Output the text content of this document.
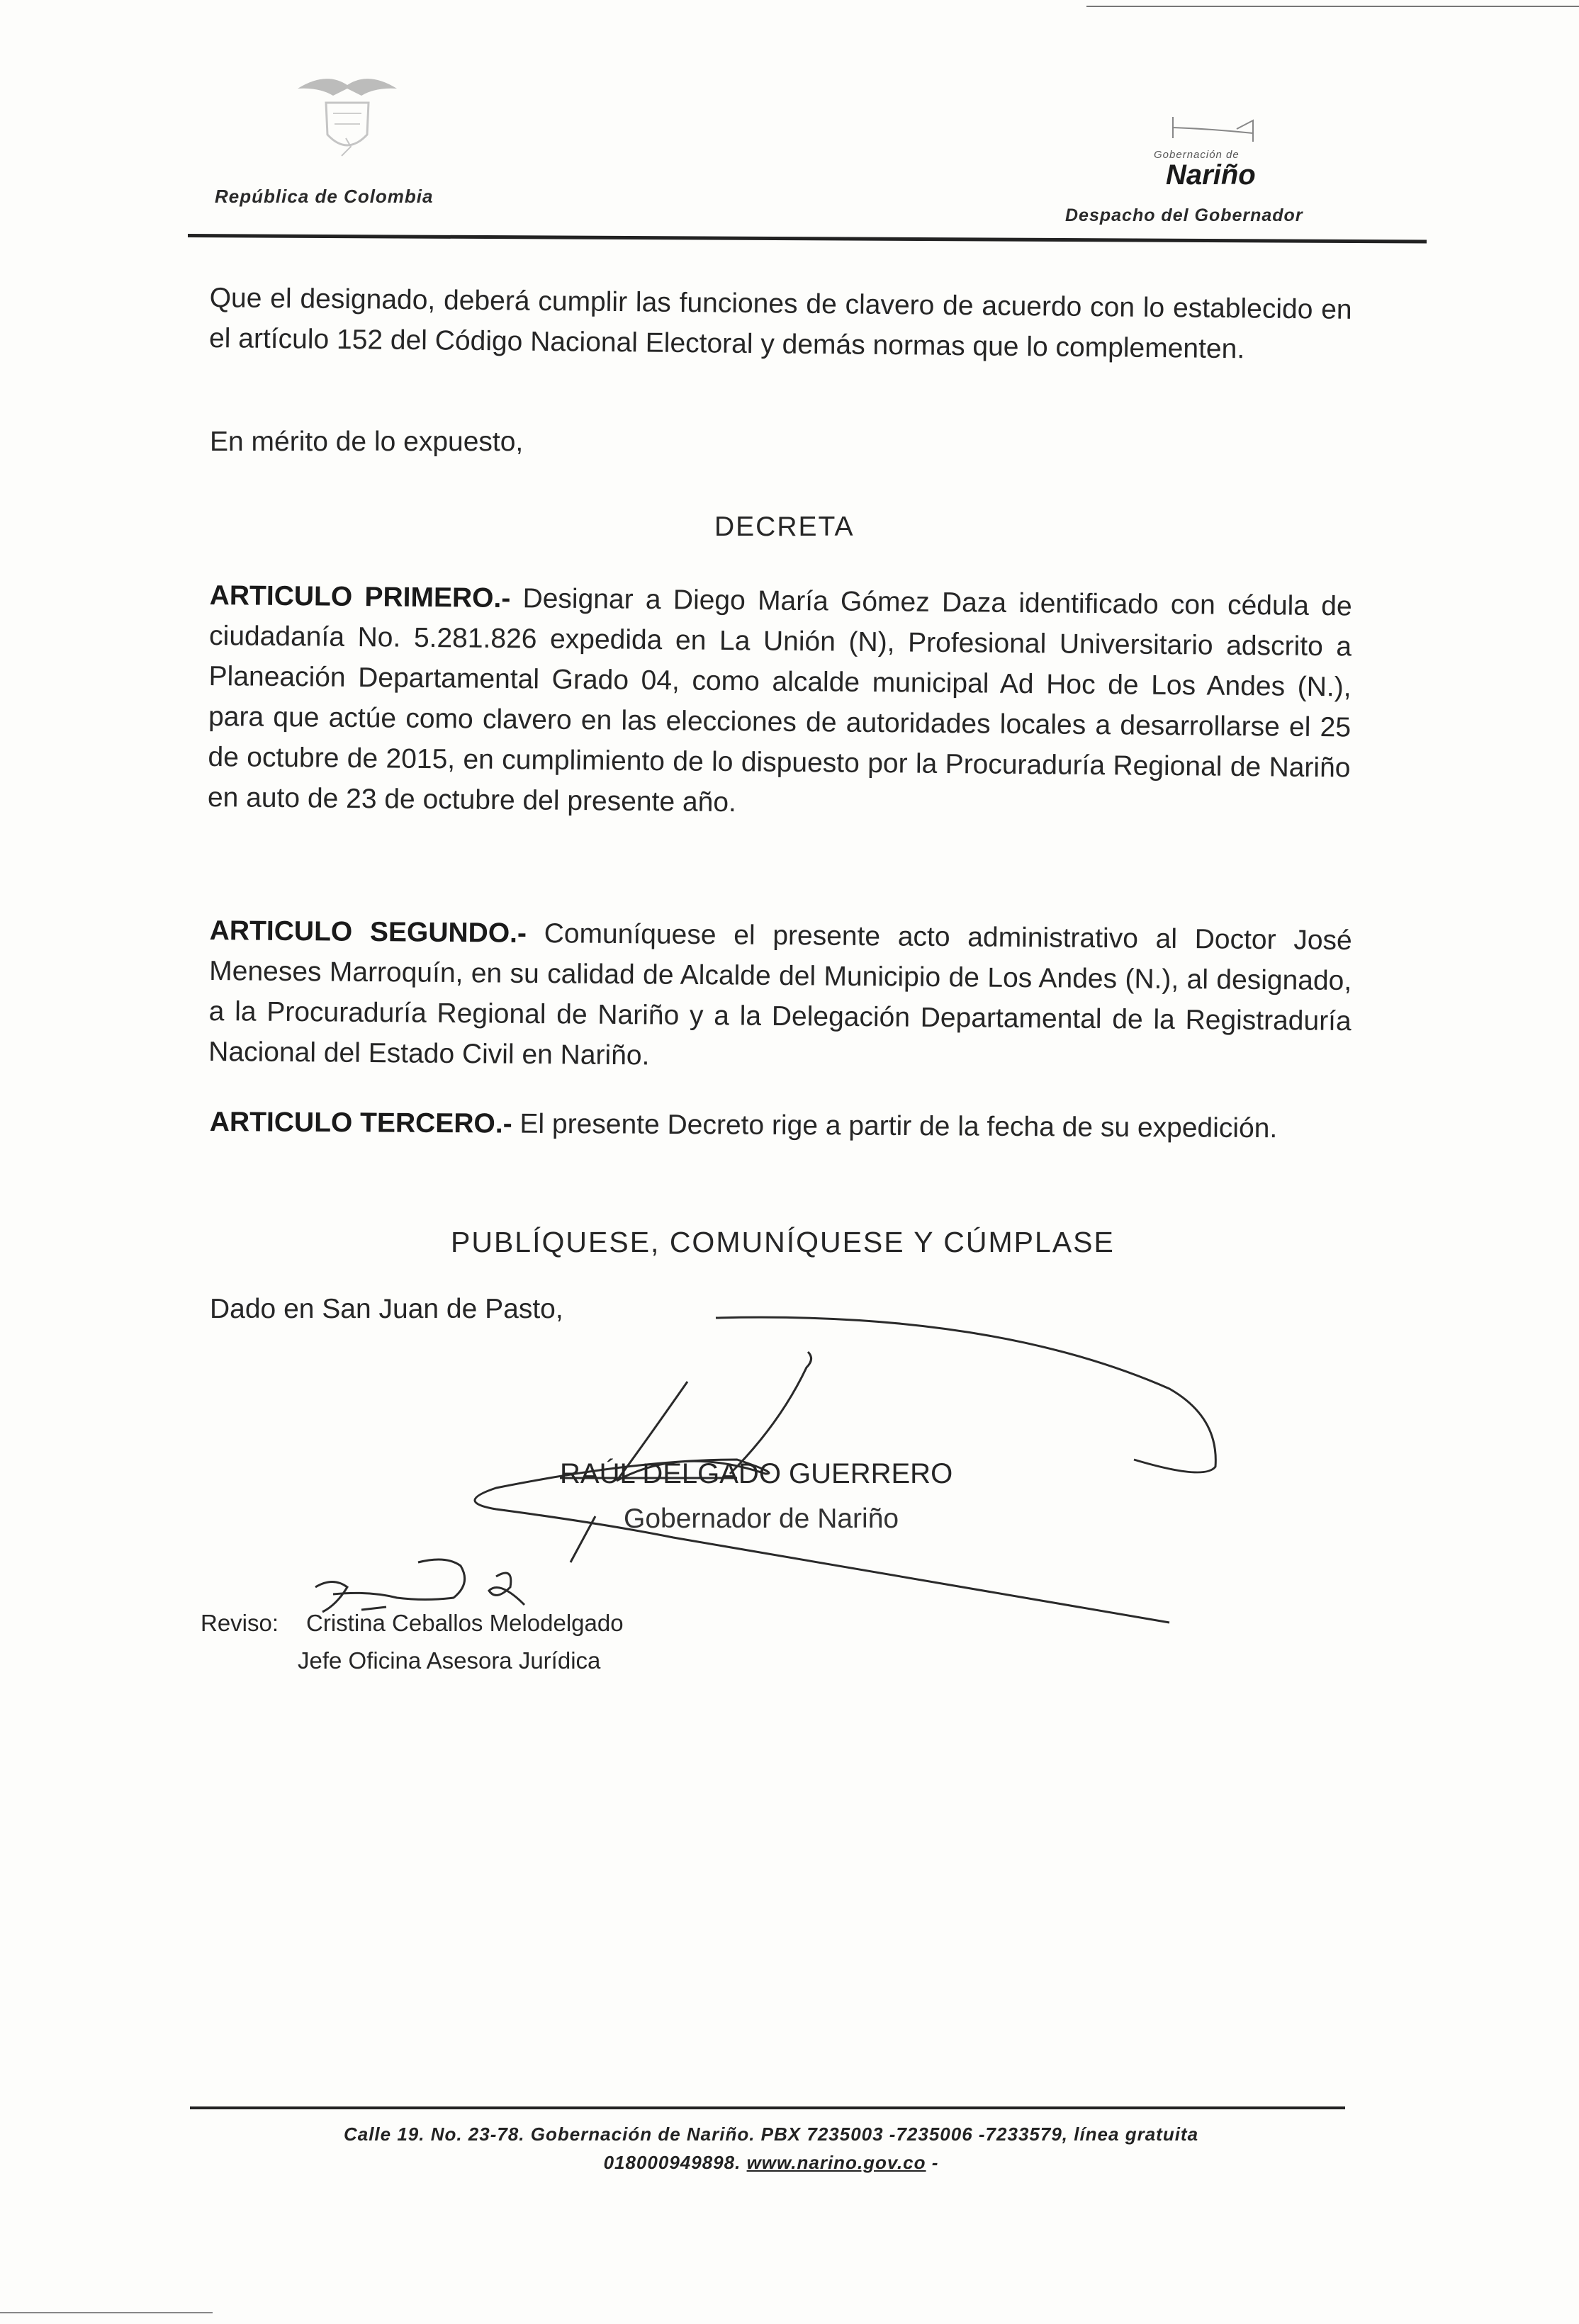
República de Colombia
Gobernación de
Nariño
Despacho del Gobernador
Que el designado, deberá cumplir las funciones de clavero de acuerdo con lo establecido en el artículo 152 del Código Nacional Electoral y demás normas que lo complementen.
En mérito de lo expuesto,
DECRETA
ARTICULO PRIMERO.- Designar a Diego María Gómez Daza identificado con cédula de ciudadanía No. 5.281.826 expedida en La Unión (N), Profesional Universitario adscrito a Planeación Departamental Grado 04, como alcalde municipal Ad Hoc de Los Andes (N.), para que actúe como clavero en las elecciones de autoridades locales a desarrollarse el 25 de octubre de 2015, en cumplimiento de lo dispuesto por la Procuraduría Regional de Nariño en auto de 23 de octubre del presente año.
ARTICULO SEGUNDO.- Comuníquese el presente acto administrativo al Doctor José Meneses Marroquín, en su calidad de Alcalde del Municipio de Los Andes (N.), al designado, a la Procuraduría Regional de Nariño y a la Delegación Departamental de la Registraduría Nacional del Estado Civil en Nariño.
ARTICULO TERCERO.- El presente Decreto rige a partir de la fecha de su expedición.
PUBLÍQUESE, COMUNÍQUESE Y CÚMPLASE
Dado en San Juan de Pasto,
RAÚL DELGADO GUERRERO
Gobernador de Nariño
Reviso: Cristina Ceballos Melodelgado
Jefe Oficina Asesora Jurídica
Calle 19. No. 23-78. Gobernación de Nariño. PBX 7235003 -7235006 -7233579, línea gratuita
018000949898. www.narino.gov.co -
